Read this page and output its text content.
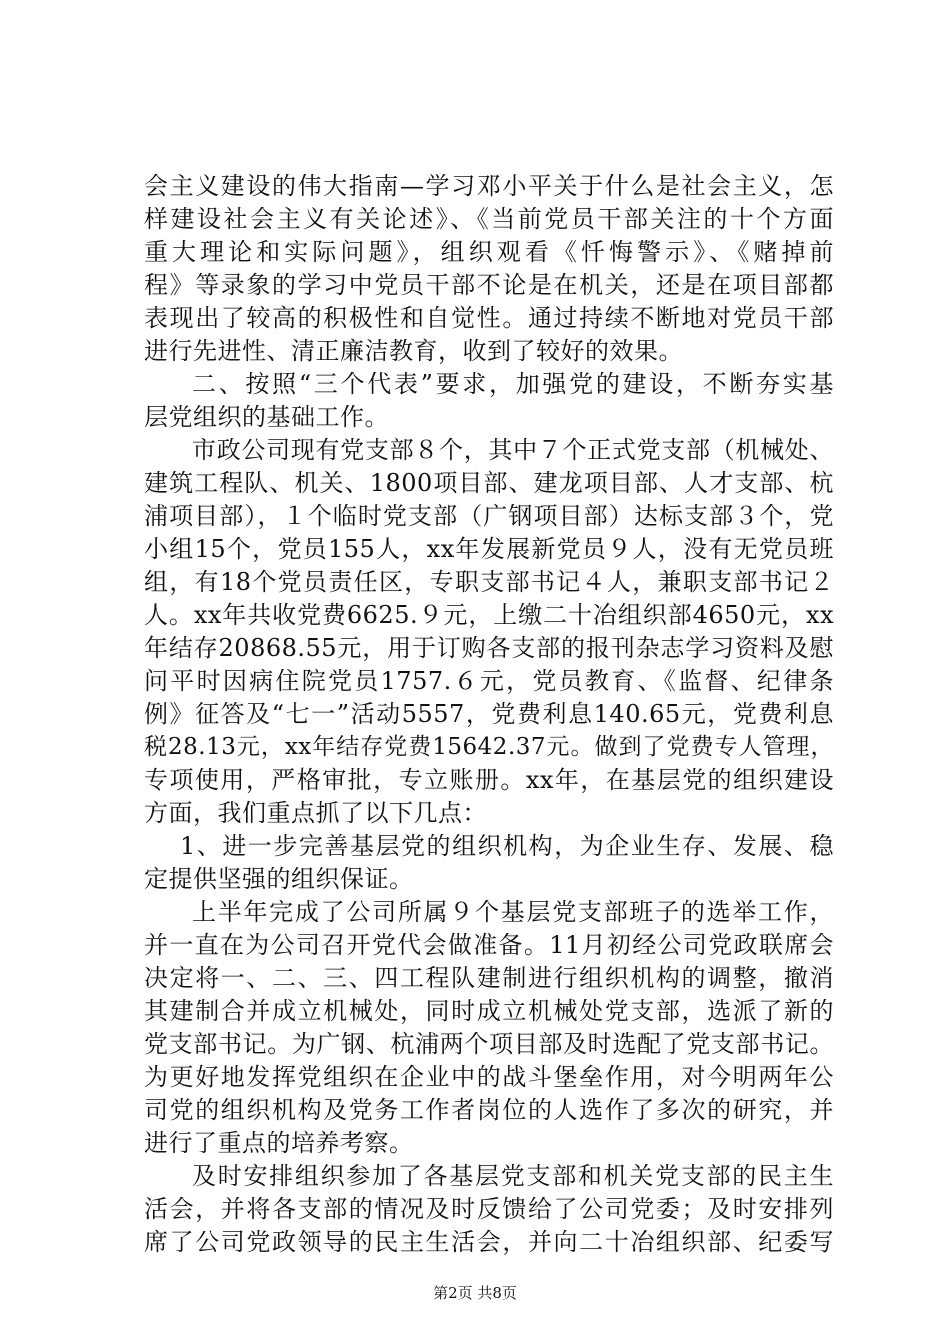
会主义建设的伟大指南—学习邓小平关于什么是社会主义，怎
样建设社会主义有关论述》、《当前党员干部关注的十个方面
重大理论和实际问题》，组织观看《忏悔警示》、《赌掉前
程》等录象的学习中党员干部不论是在机关，还是在项目部都
表现出了较高的积极性和自觉性。通过持续不断地对党员干部
进行先进性、清正廉洁教育，收到了较好的效果。
二、按照“三个代表”要求，加强党的建设，不断夯实基
层党组织的基础工作。
市政公司现有党支部８个，其中７个正式党支部（机械处、
建筑工程队、机关、1800项目部、建龙项目部、人才支部、杭
浦项目部），１个临时党支部（广钢项目部）达标支部３个，党
小组15个，党员155人，xx年发展新党员９人，没有无党员班
组，有18个党员责任区，专职支部书记４人，兼职支部书记２
人。xx年共收党费6625.９元，上缴二十冶组织部4650元，xx
年结存20868.55元，用于订购各支部的报刊杂志学习资料及慰
问平时因病住院党员1757.６元，党员教育、《监督、纪律条
例》征答及“七一”活动5557，党费利息140.65元，党费利息
税28.13元，xx年结存党费15642.37元。做到了党费专人管理，
专项使用，严格审批，专立账册。xx年，在基层党的组织建设
方面，我们重点抓了以下几点：
1、进一步完善基层党的组织机构，为企业生存、发展、稳
定提供坚强的组织保证。
上半年完成了公司所属９个基层党支部班子的选举工作，
并一直在为公司召开党代会做准备。11月初经公司党政联席会
决定将一、二、三、四工程队建制进行组织机构的调整，撤消
其建制合并成立机械处，同时成立机械处党支部，选派了新的
党支部书记。为广钢、杭浦两个项目部及时选配了党支部书记。
为更好地发挥党组织在企业中的战斗堡垒作用，对今明两年公
司党的组织机构及党务工作者岗位的人选作了多次的研究，并
进行了重点的培养考察。
及时安排组织参加了各基层党支部和机关党支部的民主生
活会，并将各支部的情况及时反馈给了公司党委；及时安排列
席了公司党政领导的民主生活会，并向二十冶组织部、纪委写
第2页 共8页
